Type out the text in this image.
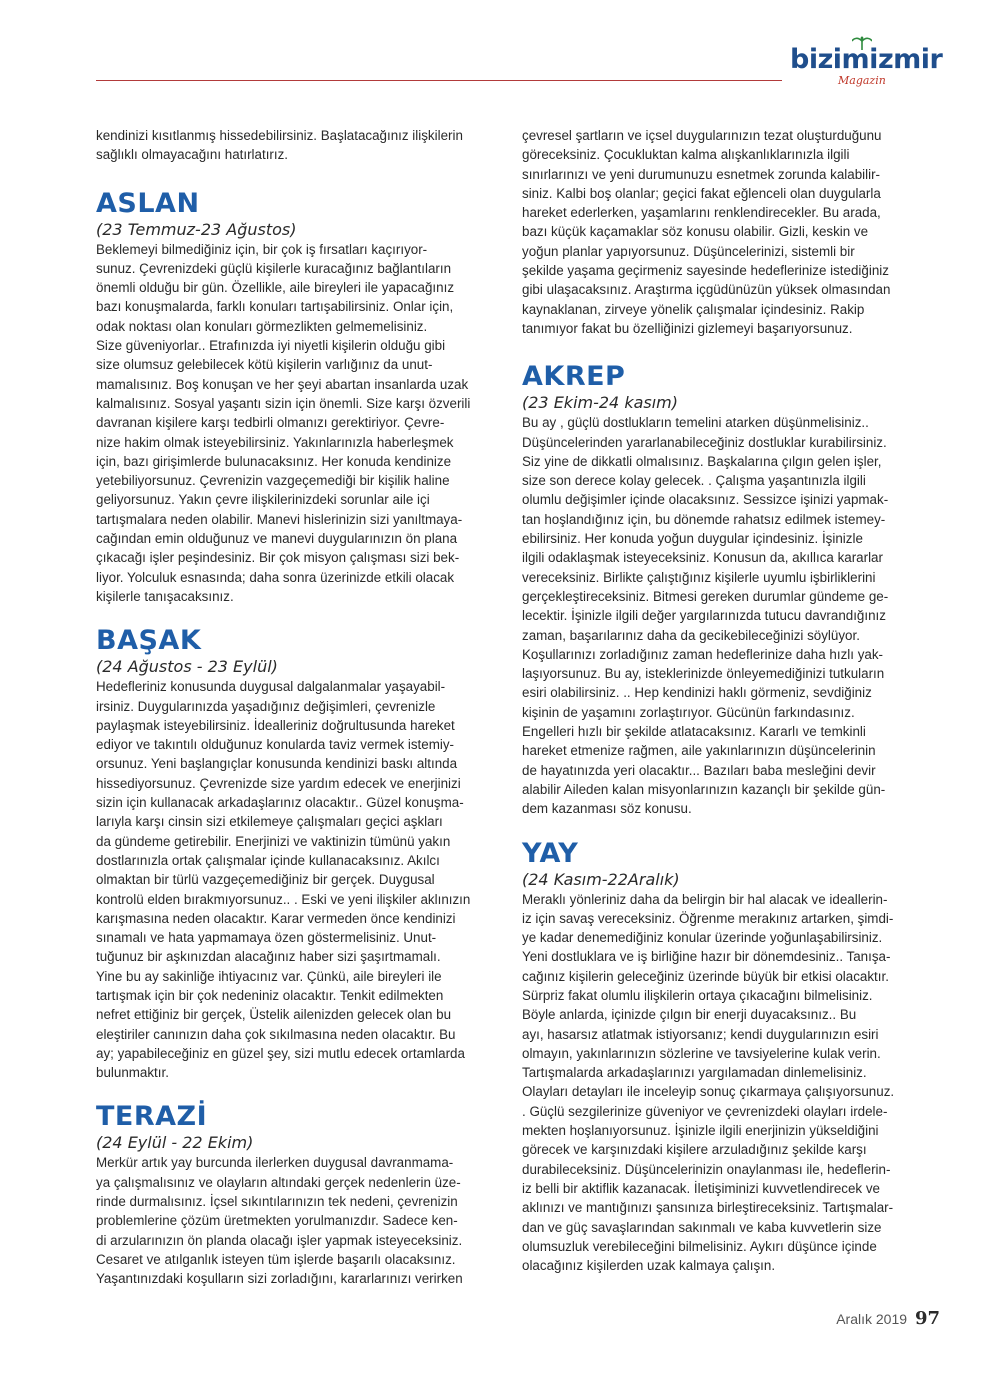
bizimizmir
Magazin

kendinizi kısıtlanmış hissedebilirsiniz. Başlatacağınız ilişkilerin
sağlıklı olmayacağını hatırlatırız.

ASLAN

(23 Temmuz-23 Ağustos)

Beklemeyi bilmediğiniz için, bir çok iş fırsatları kaçırıyor-
sunuz. Çevrenizdeki güçlü kişilerle kuracağınız bağlantıların
önemli olduğu bir gün. Özellikle, aile bireyleri ile yapacağınız
bazı konuşmalarda, farklı konuları tartışabilirsiniz. Onlar için,
odak noktası olan konuları görmezlikten gelmemelisiniz.
Size güveniyorlar.. Etrafınızda iyi niyetli kişilerin olduğu gibi
size olumsuz gelebilecek kötü kişilerin varlığınız da unut-
mamalısınız. Boş konuşan ve her şeyi abartan insanlarda uzak
kalmalısınız. Sosyal yaşantı sizin için önemli. Size karşı özverili
davranan kişilere karşı tedbirli olmanızı gerektiriyor. Çevre-
nize hakim olmak isteyebilirsiniz. Yakınlarınızla haberleşmek
için, bazı girişimlerde bulunacaksınız. Her konuda kendinize
yetebiliyorsunuz. Çevrenizin vazgeçemediği bir kişilik haline
geliyorsunuz. Yakın çevre ilişkilerinizdeki sorunlar aile içi
tartışmalara neden olabilir. Manevi hislerinizin sizi yanıltmaya-
cağından emin olduğunuz ve manevi duygularınızın ön plana
çıkacağı işler peşindesiniz. Bir çok misyon çalışması sizi bek-
liyor. Yolculuk esnasında; daha sonra üzerinizde etkili olacak
kişilerle tanışacaksınız.

BAŞAK

(24 Ağustos - 23 Eylül)

Hedefleriniz konusunda duygusal dalgalanmalar yaşayabil-
irsiniz. Duygularınızda yaşadığınız değişimleri, çevrenizle
paylaşmak isteyebilirsiniz. İdealleriniz doğrultusunda hareket
ediyor ve takıntılı olduğunuz konularda taviz vermek istemiy-
orsunuz. Yeni başlangıçlar konusunda kendinizi baskı altında
hissediyorsunuz. Çevrenizde size yardım edecek ve enerjinizi
sizin için kullanacak arkadaşlarınız olacaktır.. Güzel konuşma-
larıyla karşı cinsin sizi etkilemeye çalışmaları geçici aşkları
da gündeme getirebilir. Enerjinizi ve vaktinizin tümünü yakın
dostlarınızla ortak çalışmalar içinde kullanacaksınız. Akılcı
olmaktan bir türlü vazgeçemediğiniz bir gerçek. Duygusal
kontrolü elden bırakmıyorsunuz.. . Eski ve yeni ilişkiler aklınızın
karışmasına neden olacaktır. Karar vermeden önce kendinizi
sınamalı ve hata yapmamaya özen göstermelisiniz. Unut-
tuğunuz bir aşkınızdan alacağınız haber sizi şaşırtmamalı.
Yine bu ay sakinliğe ihtiyacınız var. Çünkü, aile bireyleri ile
tartışmak için bir çok nedeniniz olacaktır. Tenkit edilmekten
nefret ettiğiniz bir gerçek, Üstelik ailenizden gelecek olan bu
eleştiriler canınızın daha çok sıkılmasına neden olacaktır. Bu
ay; yapabileceğiniz en güzel şey, sizi mutlu edecek ortamlarda
bulunmaktır.

TERAZİ

(24 Eylül - 22 Ekim)

Merkür artık yay burcunda ilerlerken duygusal davranmama-
ya çalışmalısınız ve olayların altındaki gerçek nedenlerin üze-
rinde durmalısınız. İçsel sıkıntılarınızın tek nedeni, çevrenizin
problemlerine çözüm üretmekten yorulmanızdır. Sadece ken-
di arzularınızın ön planda olacağı işler yapmak isteyeceksiniz.
Cesaret ve atılganlık isteyen tüm işlerde başarılı olacaksınız.
Yaşantınızdaki koşulların sizi zorladığını, kararlarınızı verirken

çevresel şartların ve içsel duygularınızın tezat oluşturduğunu
göreceksiniz. Çocukluktan kalma alışkanlıklarınızla ilgili
sınırlarınızı ve yeni durumunuzu esnetmek zorunda kalabilir-
siniz. Kalbi boş olanlar; geçici fakat eğlenceli olan duygularla
hareket ederlerken, yaşamlarını renklendirecekler. Bu arada,
bazı küçük kaçamaklar söz konusu olabilir. Gizli, keskin ve
yoğun planlar yapıyorsunuz. Düşüncelerinizi, sistemli bir
şekilde yaşama geçirmeniz sayesinde hedeflerinize istediğiniz
gibi ulaşacaksınız. Araştırma içgüdünüzün yüksek olmasından
kaynaklanan, zirveye yönelik çalışmalar içindesiniz. Rakip
tanımıyor fakat bu özelliğinizi gizlemeyi başarıyorsunuz.

AKREP

(23 Ekim-24 kasım)

Bu ay , güçlü dostlukların temelini atarken düşünmelisiniz..
Düşüncelerinden yararlanabileceğiniz dostluklar kurabilirsiniz.
Siz yine de dikkatli olmalısınız. Başkalarına çılgın gelen işler,
size son derece kolay gelecek. . Çalışma yaşantınızla ilgili
olumlu değişimler içinde olacaksınız. Sessizce işinizi yapmak-
tan hoşlandığınız için, bu dönemde rahatsız edilmek istemey-
ebilirsiniz. Her konuda yoğun duygular içindesiniz. İşinizle
ilgili odaklaşmak isteyeceksiniz. Konusun da, akıllıca kararlar
vereceksiniz. Birlikte çalıştığınız kişilerle uyumlu işbirliklerini
gerçekleştireceksiniz. Bitmesi gereken durumlar gündeme ge-
lecektir. İşinizle ilgili değer yargılarınızda tutucu davrandığınız
zaman, başarılarınız daha da gecikebileceğinizi söylüyor.
Koşullarınızı zorladığınız zaman hedeflerinize daha hızlı yak-
laşıyorsunuz. Bu ay, isteklerinizde önleyemediğinizi tutkuların
esiri olabilirsiniz. .. Hep kendinizi haklı görmeniz, sevdiğiniz
kişinin de yaşamını zorlaştırıyor. Gücünün farkındasınız.
Engelleri hızlı bir şekilde atlatacaksınız. Kararlı ve temkinli
hareket etmenize rağmen, aile yakınlarınızın düşüncelerinin
de hayatınızda yeri olacaktır... Bazıları baba mesleğini devir
alabilir Aileden kalan misyonlarınızın kazançlı bir şekilde gün-
dem kazanması söz konusu.

YAY

(24 Kasım-22Aralık)

Meraklı yönleriniz daha da belirgin bir hal alacak ve ideallerin-
iz için savaş vereceksiniz. Öğrenme merakınız artarken, şimdi-
ye kadar denemediğiniz konular üzerinde yoğunlaşabilirsiniz.
Yeni dostluklara ve iş birliğine hazır bir dönemdesiniz.. Tanışa-
cağınız kişilerin geleceğiniz üzerinde büyük bir etkisi olacaktır.
Sürpriz fakat olumlu ilişkilerin ortaya çıkacağını bilmelisiniz.
Böyle anlarda, içinizde çılgın bir enerji duyacaksınız.. Bu
ayı, hasarsız atlatmak istiyorsanız; kendi duygularınızın esiri
olmayın, yakınlarınızın sözlerine ve tavsiyelerine kulak verin.
Tartışmalarda arkadaşlarınızı yargılamadan dinlemelisiniz.
Olayları detayları ile inceleyip sonuç çıkarmaya çalışıyorsunuz.
. Güçlü sezgilerinize güveniyor ve çevrenizdeki olayları irdele-
mekten hoşlanıyorsunuz. İşinizle ilgili enerjinizin yükseldiğini
görecek ve karşınızdaki kişilere arzuladığınız şekilde karşı
durabileceksiniz. Düşüncelerinizin onaylanması ile, hedeflerin-
iz belli bir aktiflik kazanacak. İletişiminizi kuvvetlendirecek ve
aklınızı ve mantığınızı şansınıza birleştireceksiniz. Tartışmalar-
dan ve güç savaşlarından sakınmalı ve kaba kuvvetlerin size
olumsuzluk verebileceğini bilmelisiniz. Aykırı düşünce içinde
olacağınız kişilerden uzak kalmaya çalışın.

Aralık 2019 97
